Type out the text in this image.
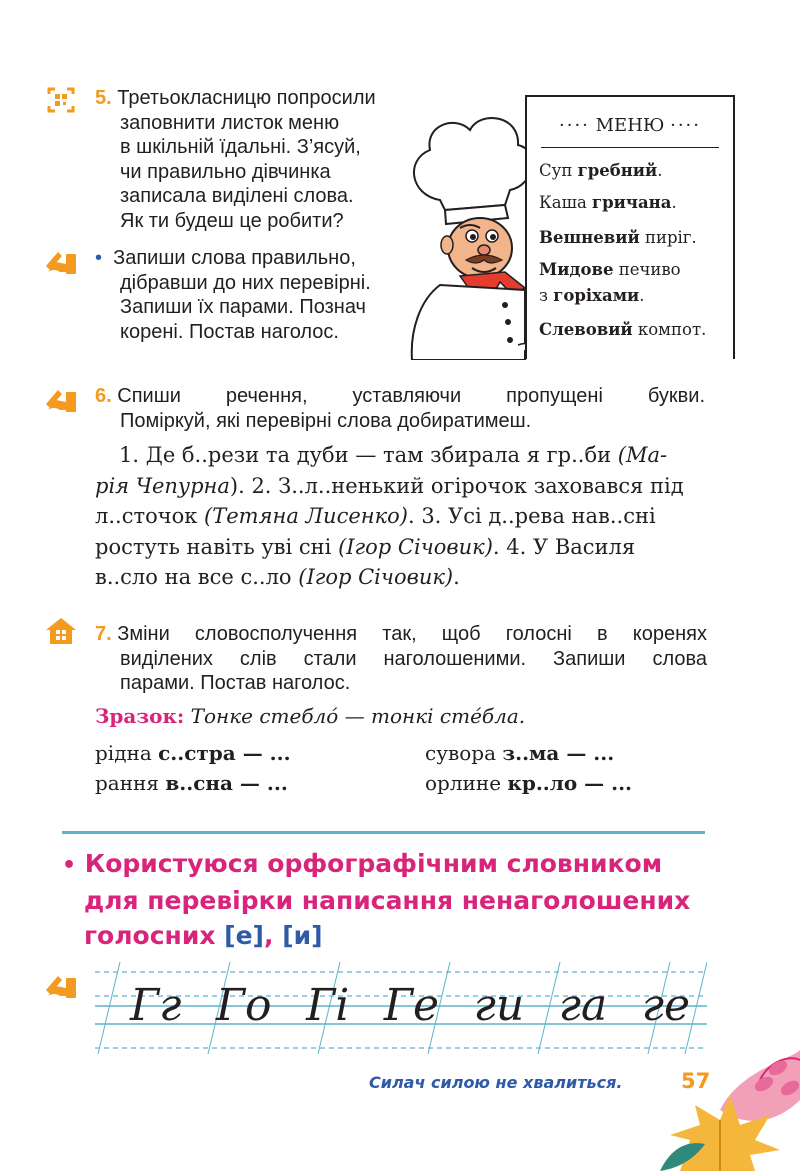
5. Третьокласницю попросили
заповнити листок меню
в шкільній їдальні. З’ясуй,
чи правильно дівчинка
записала виділені слова.
Як ти будеш це робити?
• Запиши слова правильно,
дібравши до них перевірні.
Запиши їх парами. Познач
корені. Постав наголос.
···· МЕНЮ ····
Суп гребний.
Каша гричана.
Вешневий пиріг.
Мидове печиво
з горіхами.
Слевовий компот.
6.
Спиши речення, уставляючи пропущені букви.
Поміркуй, які перевірні слова добиратимеш.
1. Де б..рези та дуби — там збирала я гр..би (Ма-
рія Чепурна). 2. З..л..ненький огірочок заховався під
л..сточок (Тетяна Лисенко). 3. Усі д..рева нав..сні
ростуть навіть уві сні (Ігор Січовик). 4. У Василя
в..сло на все с..ло (Ігор Січовик).
7.
Зміни словосполучення так, щоб голосні в коренях
виділених слів стали наголошеними. Запиши слова
парами. Постав наголос.
Зразок: Тонке стебло́ — тонкі сте́бла.
рідна с..стра — ...	сувора з..ма — ...
рання в..сна — ...	орлине кр..ло — ...
• Користуюся орфографічним словником
для перевірки написання ненаголошених
голосних [е], [и]
Гг Го Гі Ге ги га ге
Силач силою не хвалиться.	57
